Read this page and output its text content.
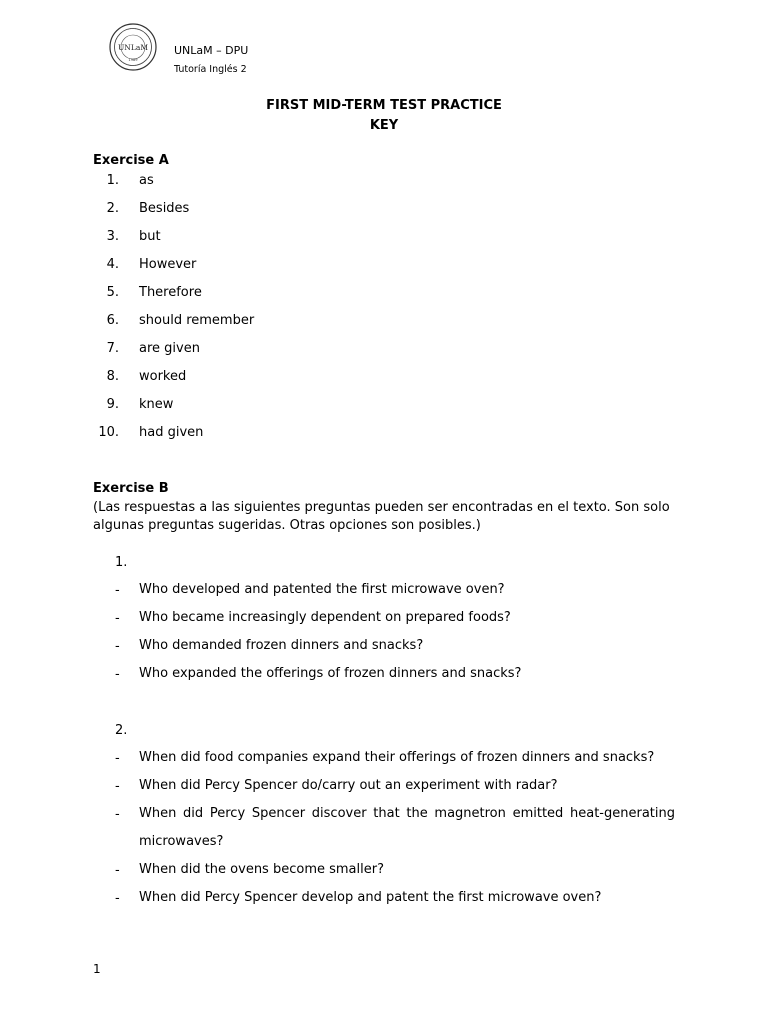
UNLaM
1989
UNLaM – DPU
Tutoría Inglés 2
FIRST MID-TERM TEST PRACTICE
KEY
Exercise A
1. as
2. Besides
3. but
4. However
5. Therefore
6. should remember
7. are given
8. worked
9. knew
10. had given
Exercise B
(Las respuestas a las siguientes preguntas pueden ser encontradas en el texto. Son solo algunas preguntas sugeridas. Otras opciones son posibles.)
1.
- Who developed and patented the first microwave oven?
- Who became increasingly dependent on prepared foods?
- Who demanded frozen dinners and snacks?
- Who expanded the offerings of frozen dinners and snacks?
2.
- When did food companies expand their offerings of frozen dinners and snacks?
- When did Percy Spencer do/carry out an experiment with radar?
- When did Percy Spencer discover that the magnetron emitted heat-generating microwaves?
- When did the ovens become smaller?
- When did Percy Spencer develop and patent the first microwave oven?
1
